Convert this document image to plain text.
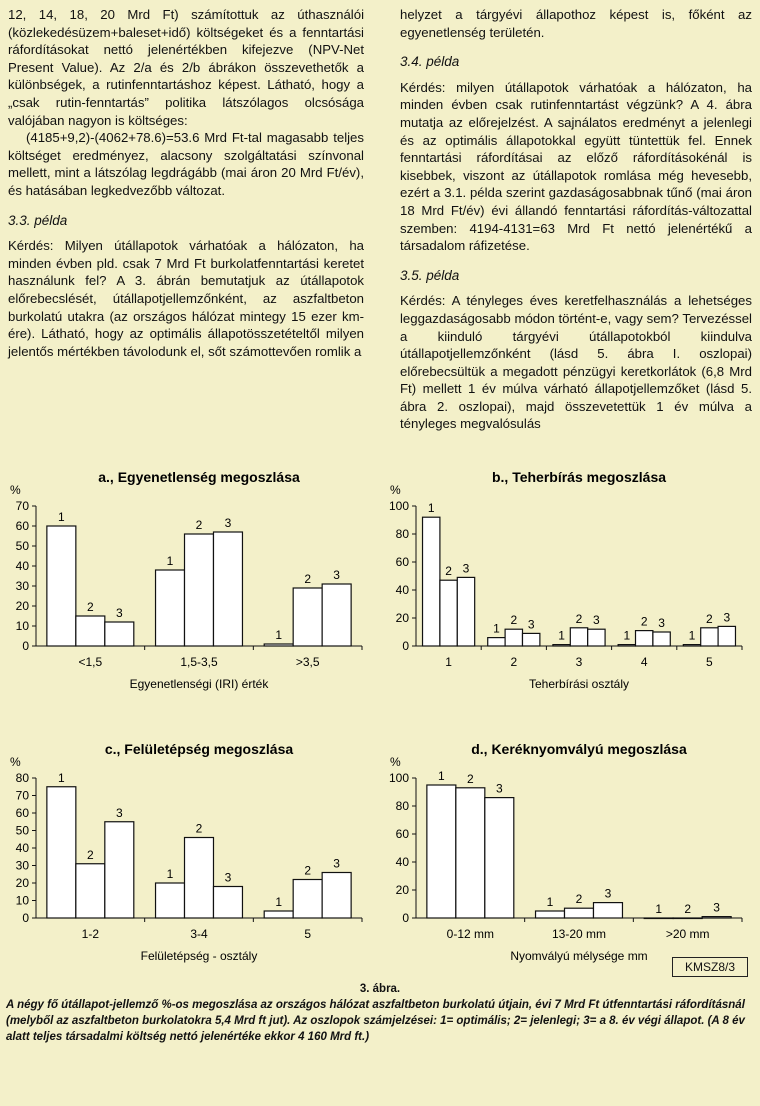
12, 14, 18, 20 Mrd Ft) számítottuk az úthasználói (közlekedésüzem+baleset+idő) költségeket és a fenntartási ráfordításokat nettó jelenértékben kifejezve (NPV-Net Present Value). Az 2/a és 2/b ábrákon összevethetők a különbségek, a rutinfenntartáshoz képest. Látható, hogy a „csak rutin-fenntartás” politika látszólagos olcsósága valójában nagyon is költséges:

(4185+9,2)-(4062+78.6)=53.6 Mrd Ft-tal magasabb teljes költséget eredményez, alacsony szolgáltatási színvonal mellett, mint a látszólag legdrágább (mai áron 20 Mrd Ft/év), és hatásában legkedvezőbb változat.

3.3. példa

Kérdés: Milyen útállapotok várhatóak a hálózaton, ha minden évben pld. csak 7 Mrd Ft burkolatfenntartási keretet használunk fel? A 3. ábrán bemutatjuk az útállapotok előrebecslését, útállapotjellemzőnként, az aszfaltbeton burkolatú utakra (az országos hálózat mintegy 15 ezer km-ére). Látható, hogy az optimális állapotösszetételtől milyen jelentős mértékben távolodunk el, sőt számottevően romlik a

helyzet a tárgyévi állapothoz képest is, főként az egyenetlenség területén.

3.4. példa

Kérdés: milyen útállapotok várhatóak a hálózaton, ha minden évben csak rutinfenntartást végzünk? A 4. ábra mutatja az előrejelzést. A sajnálatos eredményt a jelenlegi és az optimális állapotokkal együtt tüntettük fel. Ennek fenntartási ráfordításai az előző ráfordításokénál is kisebbek, viszont az útállapotok romlása még hevesebb, ezért a 3.1. példa szerint gazdaságosabbnak tűnő (mai áron 18 Mrd Ft/év) évi állandó fenntartási ráfordítás-változattal szemben: 4194-4131=63 Mrd Ft nettó jelenértékű a társadalom ráfizetése.

3.5. példa

Kérdés: A tényleges éves keretfelhasználás a lehetséges leggazdaságosabb módon történt-e, vagy sem? Tervezéssel a kiinduló tárgyévi útállapotokból kiindulva útállapotjellemzőnként (lásd 5. ábra I. oszlopai) előrebecsültük a megadott pénzügyi keretkorlátok (6,8 Mrd Ft) mellett 1 év múlva várható állapotjellemzőket (lásd 5. ábra 2. oszlopai), majd összevetettük 1 év múlva a tényleges megvalósulás

a., Egyenetlenség megoszlása
%
0
10
20
30
40
50
60
70
1
2 3
<1,5
1
2 3
1,5-3,5
1
2 3
>3,5
Egyenetlenségi (IRI) érték
b., Teherbírás megoszlása
%
0
20
40
60
80
100 1
2 3
1
1
2 3
2
1
2 3
3
1
2 3
4
1
2 3
5
Teherbírási osztály
c., Felületépség megoszlása
%
0
10
20
30
40
50
60
70
80 1
2
3
1-2
1
2
3
3-4
1
2 3
5
Felületépség - osztály
d., Keréknyomvályú megoszlása
%
0
20
40
60
80
100 1 2
3
0-12 mm
1 2 3
13-20 mm
1 2 3
>20 mm
Nyomvályú mélysége mm
KMSZ8/3
3. ábra.
A négy fő útállapot-jellemző %-os megoszlása az országos hálózat aszfaltbeton burkolatú útjain, évi 7 Mrd Ft útfenntartási ráfordításnál (melyből az aszfaltbeton burkolatokra 5,4 Mrd ft jut). Az oszlopok számjelzései: 1= optimális; 2= jelenlegi; 3= a 8. év végi állapot. (A 8 év alatt teljes társadalmi költség nettó jelenértéke ekkor 4 160 Mrd ft.)
